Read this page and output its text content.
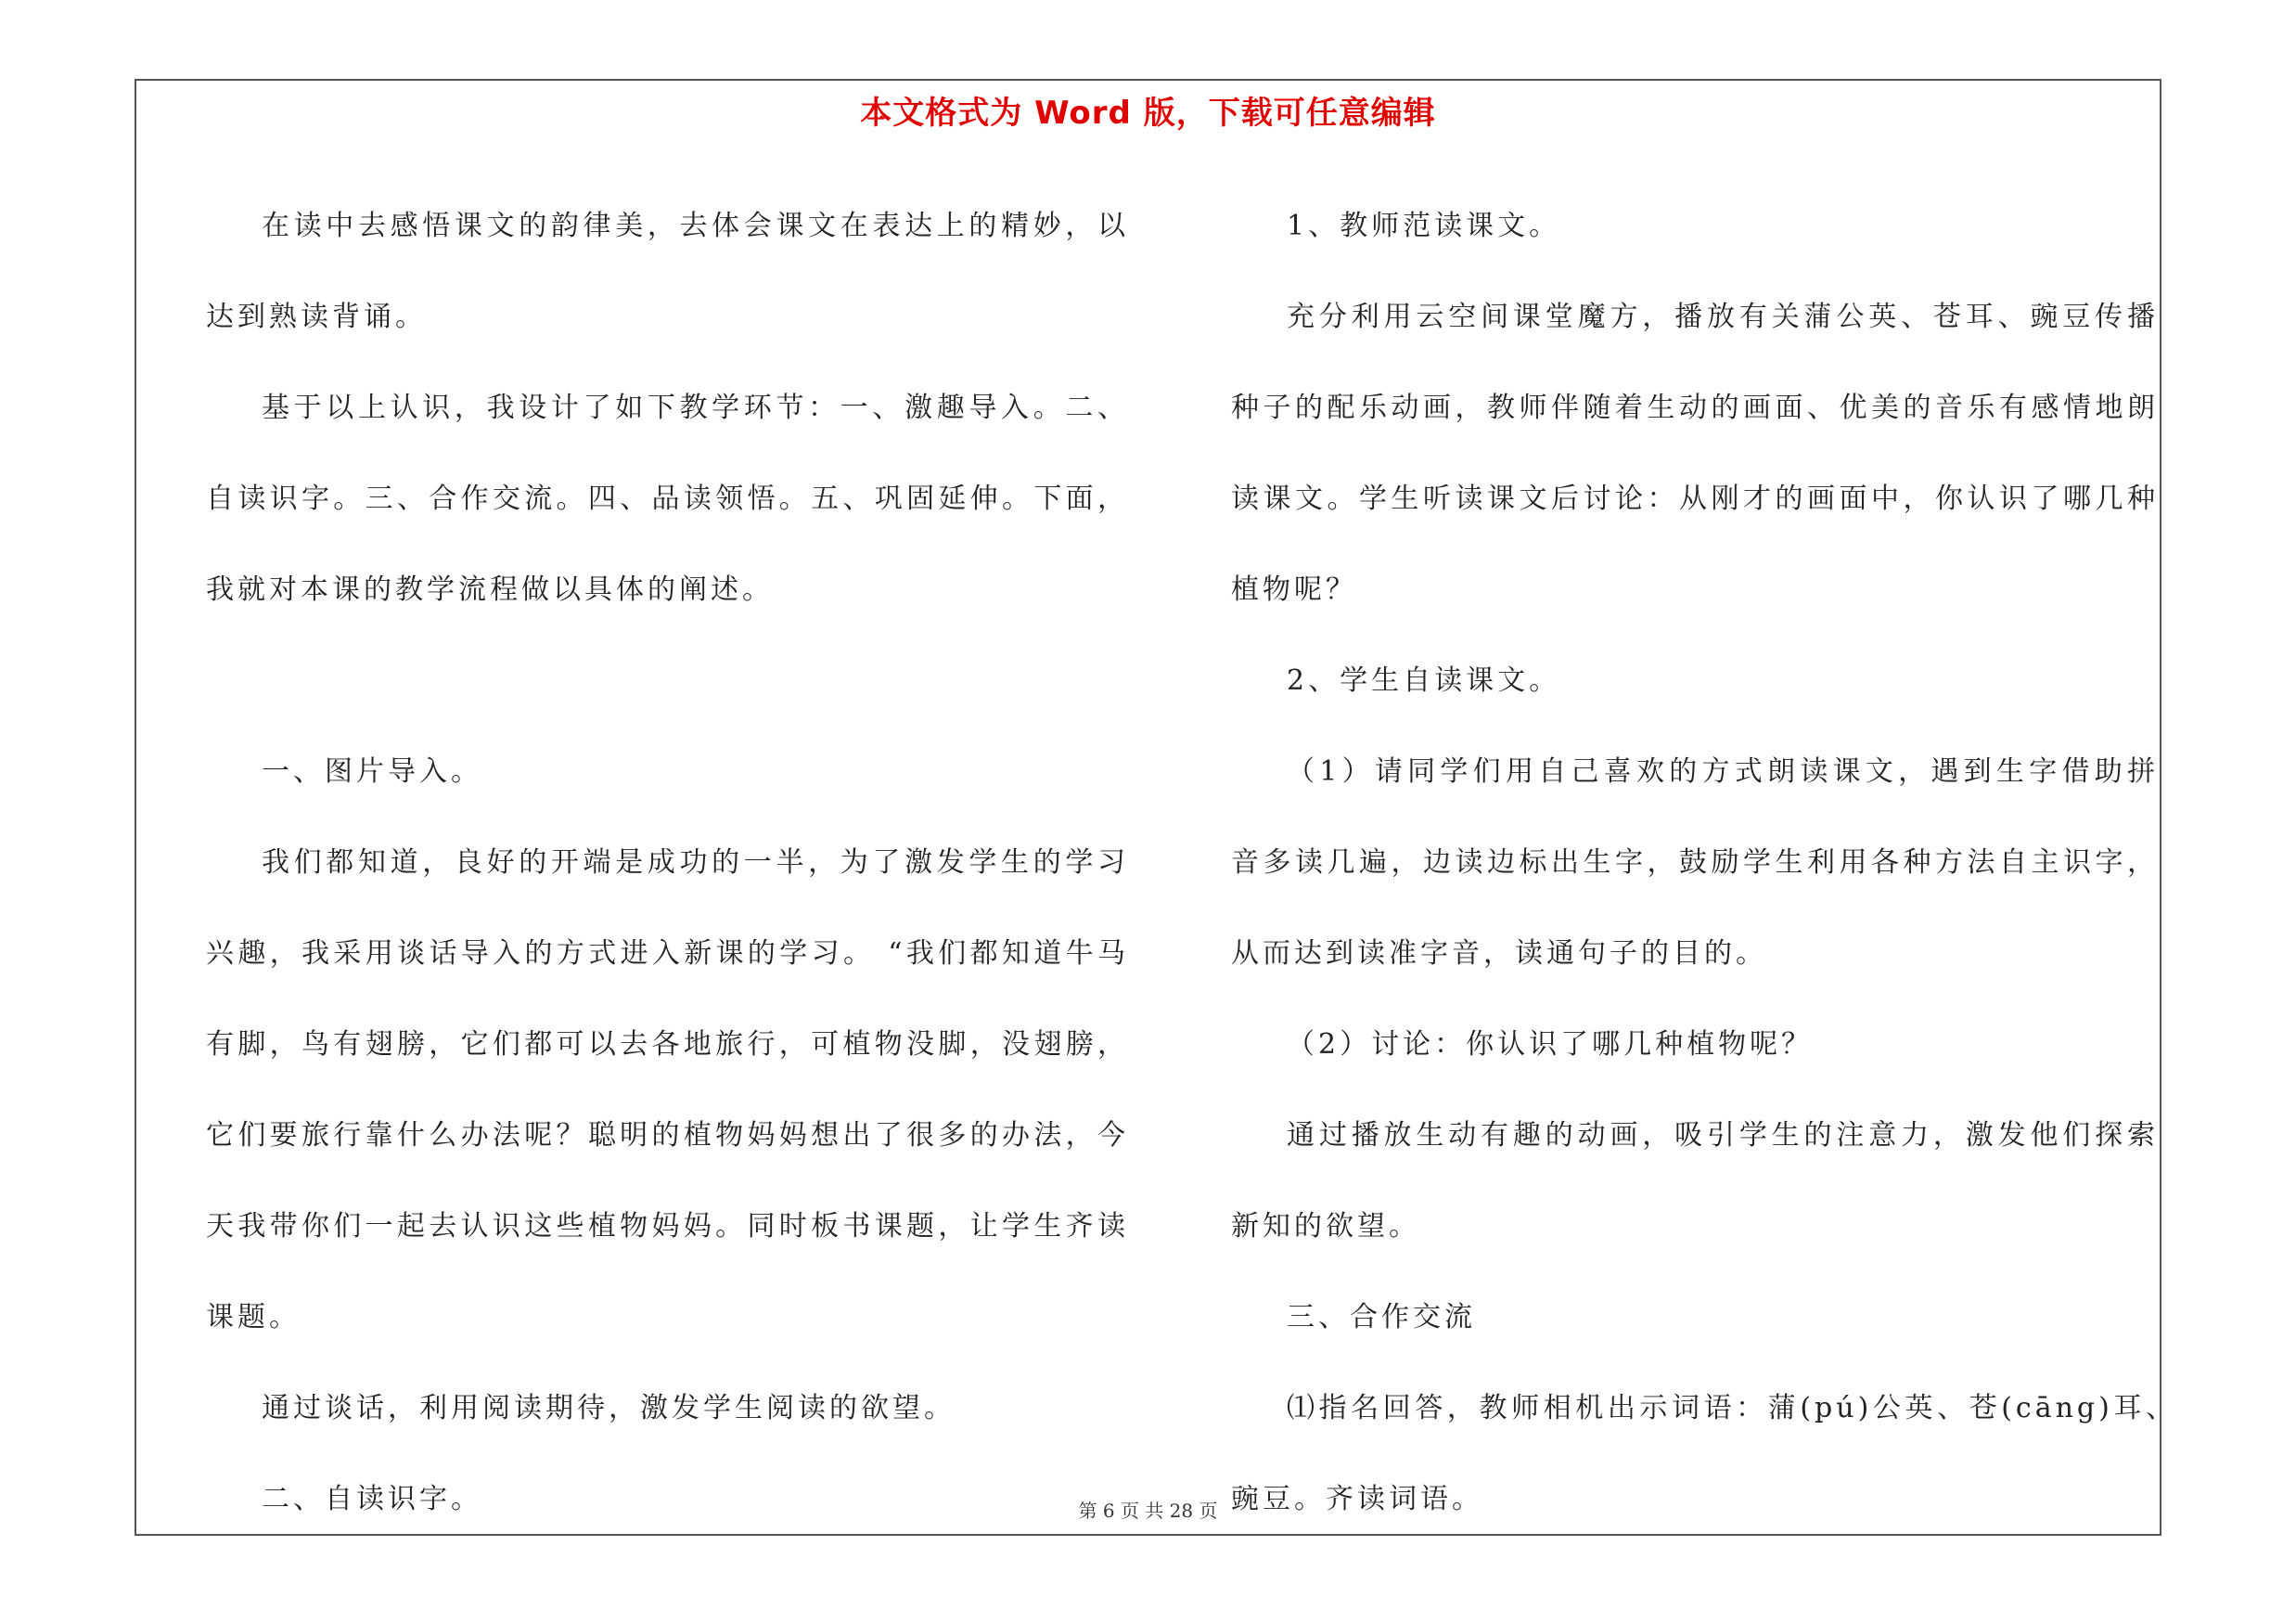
本文格式为 Word 版，下载可任意编辑

在读中去感悟课文的韵律美，去体会课文在表达上的精妙，以达到熟读背诵。

基于以上认识，我设计了如下教学环节：一、激趣导入。二、自读识字。三、合作交流。四、品读领悟。五、巩固延伸。下面，我就对本课的教学流程做以具体的阐述。

一、图片导入。

我们都知道，良好的开端是成功的一半，为了激发学生的学习兴趣，我采用谈话导入的方式进入新课的学习。 “我们都知道牛马有脚，鸟有翅膀，它们都可以去各地旅行，可植物没脚，没翅膀，它们要旅行靠什么办法呢？聪明的植物妈妈想出了很多的办法，今天我带你们一起去认识这些植物妈妈。同时板书课题，让学生齐读课题。

通过谈话，利用阅读期待，激发学生阅读的欲望。

二、自读识字。

1、教师范读课文。

充分利用云空间课堂魔方，播放有关蒲公英、苍耳、豌豆传播种子的配乐动画，教师伴随着生动的画面、优美的音乐有感情地朗读课文。学生听读课文后讨论：从刚才的画面中，你认识了哪几种植物呢？

2、学生自读课文。

（1）请同学们用自己喜欢的方式朗读课文，遇到生字借助拼音多读几遍，边读边标出生字，鼓励学生利用各种方法自主识字，从而达到读准字音，读通句子的目的。

（2）讨论：你认识了哪几种植物呢？

通过播放生动有趣的动画，吸引学生的注意力，激发他们探索新知的欲望。

三、合作交流

⑴指名回答，教师相机出示词语：蒲(pú)公英、苍(cāng)耳、豌豆。齐读词语。

第 6 页 共 28 页
